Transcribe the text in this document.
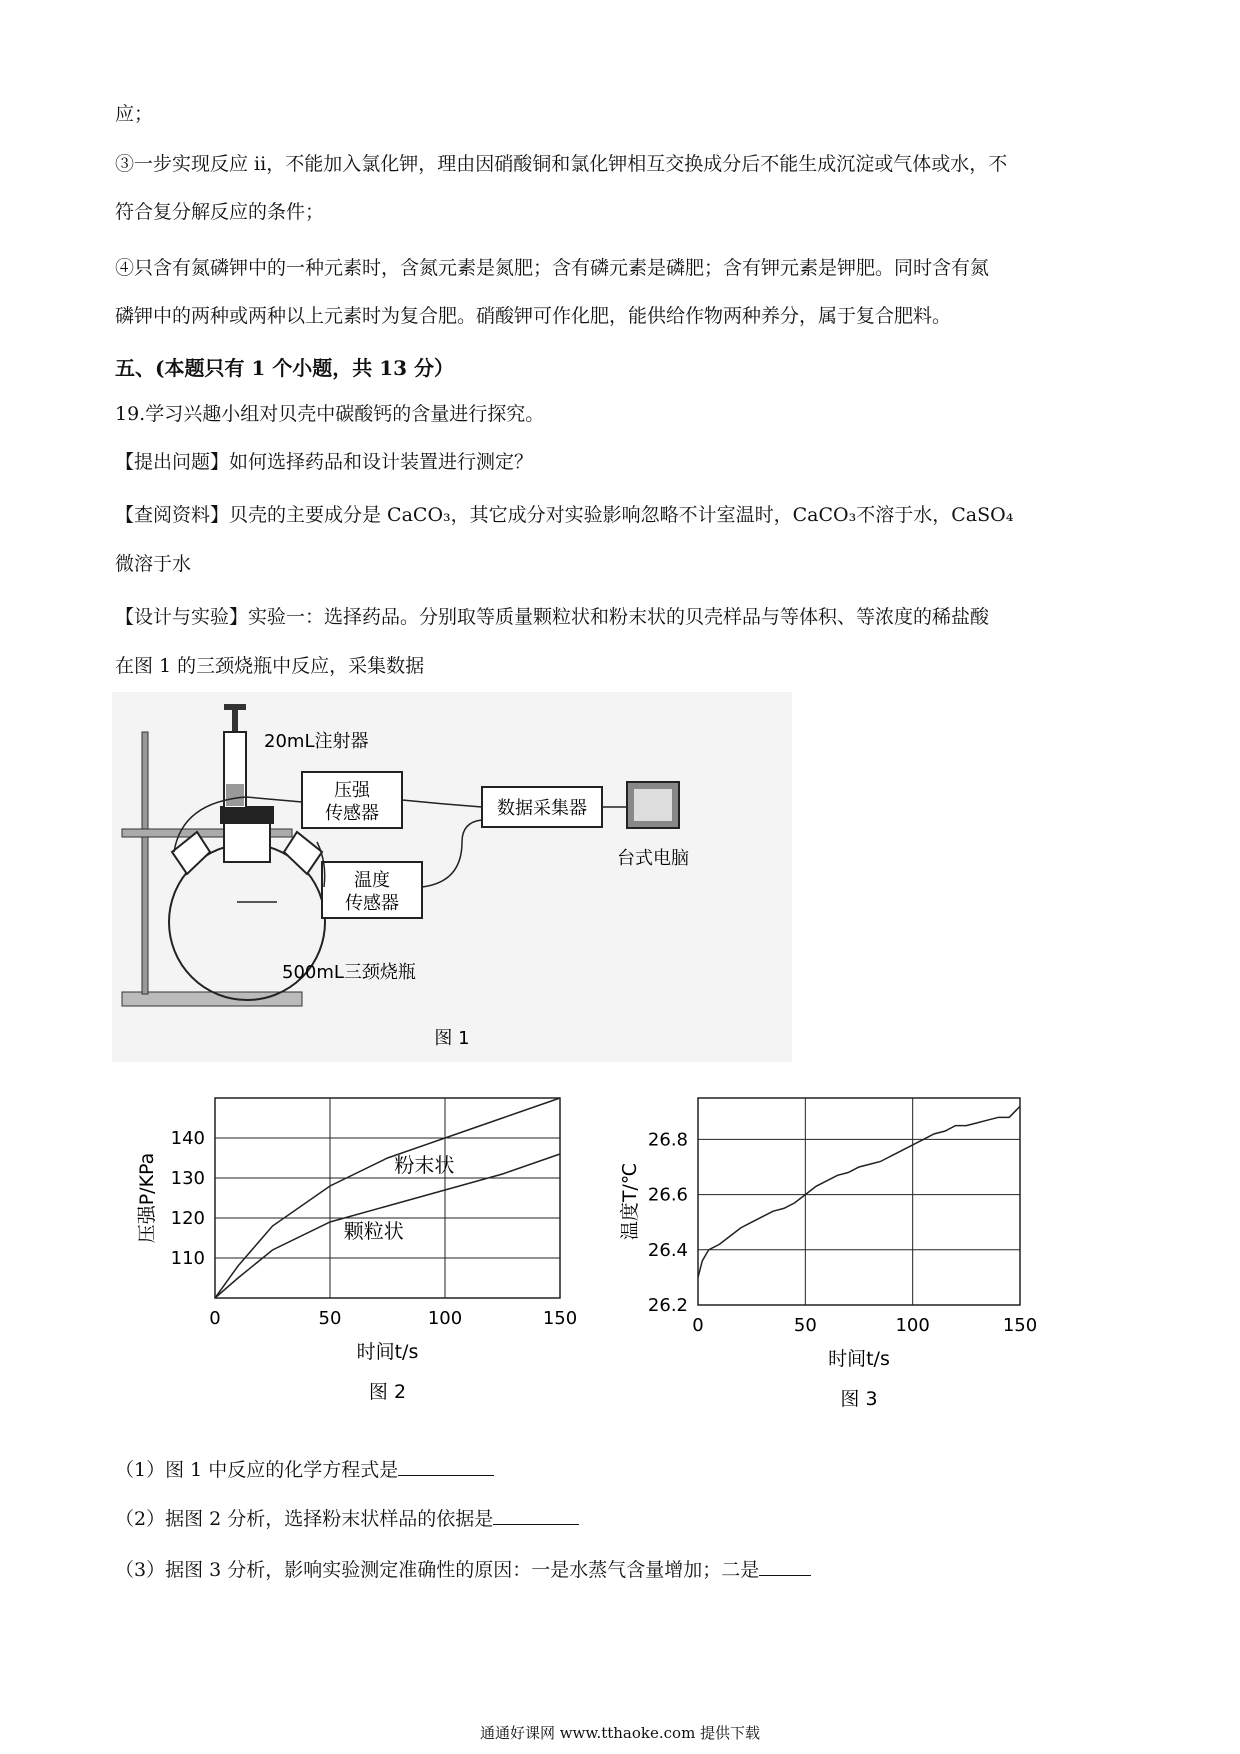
应；
③一步实现反应 ii，不能加入氯化钾，理由因硝酸铜和氯化钾相互交换成分后不能生成沉淀或气体或水，不
符合复分解反应的条件；
④只含有氮磷钾中的一种元素时，含氮元素是氮肥；含有磷元素是磷肥；含有钾元素是钾肥。同时含有氮
磷钾中的两种或两种以上元素时为复合肥。硝酸钾可作化肥，能供给作物两种养分，属于复合肥料。
五、(本题只有 1 个小题，共 13 分）
19.学习兴趣小组对贝壳中碳酸钙的含量进行探究。
【提出问题】如何选择药品和设计装置进行测定？
【查阅资料】贝壳的主要成分是 CaCO₃，其它成分对实验影响忽略不计室温时，CaCO₃不溶于水，CaSO₄
微溶于水
【设计与实验】实验一：选择药品。分别取等质量颗粒状和粉末状的贝壳样品与等体积、等浓度的稀盐酸
在图 1 的三颈烧瓶中反应，采集数据
20mL注射器
压强
传感器
温度
传感器
数据采集器
台式电脑
500mL三颈烧瓶
图 1
0	50	100	150
110
120
130
140
时间t/s
压强P/KPa
图 2
粉末状
颗粒状
0	50	100	150
26.2
26.4
26.6
26.8
时间t/s
温度T/℃
图 3
（1）图 1 中反应的化学方程式是
（2）据图 2 分析，选择粉末状样品的依据是
（3）据图 3 分析，影响实验测定准确性的原因：一是水蒸气含量增加；二是
通通好课网 www.tthaoke.com 提供下载
